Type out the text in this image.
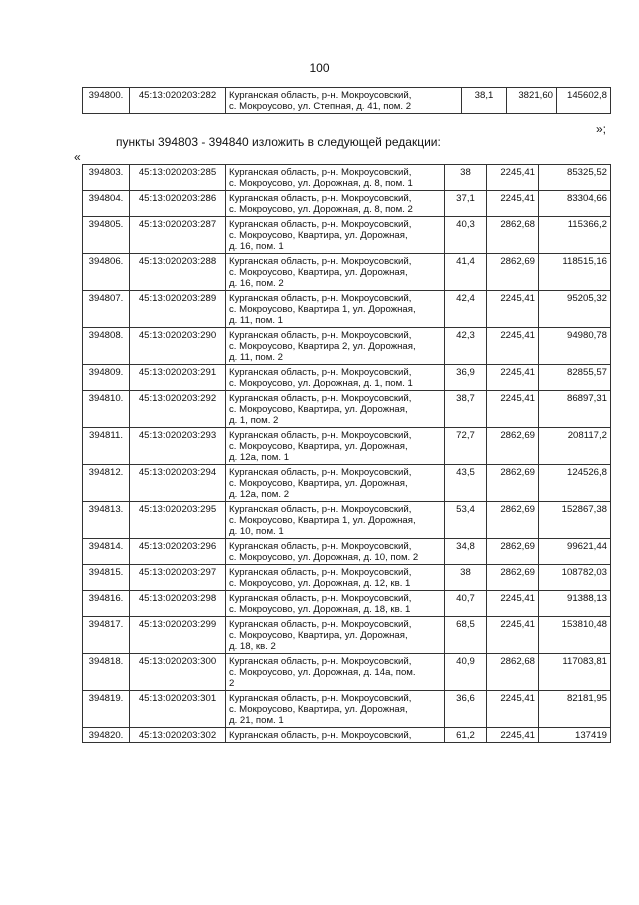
100
394800.	45:13:020203:282	Курганская область, р-н. Мокроусовский,
с. Мокроусово, ул. Степная, д. 41, пом. 2
	38,1	3821,60	145602,8
»;
пункты 394803 - 394840 изложить в следующей редакции:
«
394803.	45:13:020203:285	Курганская область, р-н. Мокроусовский,
с. Мокроусово, ул. Дорожная, д. 8, пом. 1	38	2245,41	85325,52
394804.	45:13:020203:286	Курганская область, р-н. Мокроусовский,
с. Мокроусово, ул. Дорожная, д. 8, пом. 2	37,1	2245,41	83304,66
394805.	45:13:020203:287	Курганская область, р-н. Мокроусовский,
с. Мокроусово, Квартира, ул. Дорожная,
д. 16, пом. 1	40,3	2862,68	115366,2
394806.	45:13:020203:288	Курганская область, р-н. Мокроусовский,
с. Мокроусово, Квартира, ул. Дорожная,
д. 16, пом. 2	41,4	2862,69	118515,16
394807.	45:13:020203:289	Курганская область, р-н. Мокроусовский,
с. Мокроусово, Квартира 1, ул. Дорожная,
д. 11, пом. 1	42,4	2245,41	95205,32
394808.	45:13:020203:290	Курганская область, р-н. Мокроусовский,
с. Мокроусово, Квартира 2, ул. Дорожная,
д. 11, пом. 2	42,3	2245,41	94980,78
394809.	45:13:020203:291	Курганская область, р-н. Мокроусовский,
с. Мокроусово, ул. Дорожная, д. 1, пом. 1	36,9	2245,41	82855,57
394810.	45:13:020203:292	Курганская область, р-н. Мокроусовский,
с. Мокроусово, Квартира, ул. Дорожная,
д. 1, пом. 2	38,7	2245,41	86897,31
394811.	45:13:020203:293	Курганская область, р-н. Мокроусовский,
с. Мокроусово, Квартира, ул. Дорожная,
д. 12а, пом. 1	72,7	2862,69	208117,2
394812.	45:13:020203:294	Курганская область, р-н. Мокроусовский,
с. Мокроусово, Квартира, ул. Дорожная,
д. 12а, пом. 2	43,5	2862,69	124526,8
394813.	45:13:020203:295	Курганская область, р-н. Мокроусовский,
с. Мокроусово, Квартира 1, ул. Дорожная,
д. 10, пом. 1	53,4	2862,69	152867,38
394814.	45:13:020203:296	Курганская область, р-н. Мокроусовский,
с. Мокроусово, ул. Дорожная, д. 10, пом. 2	34,8	2862,69	99621,44
394815.	45:13:020203:297	Курганская область, р-н. Мокроусовский,
с. Мокроусово, ул. Дорожная, д. 12, кв. 1	38	2862,69	108782,03
394816.	45:13:020203:298	Курганская область, р-н. Мокроусовский,
с. Мокроусово, ул. Дорожная, д. 18, кв. 1	40,7	2245,41	91388,13
394817.	45:13:020203:299	Курганская область, р-н. Мокроусовский,
с. Мокроусово, Квартира, ул. Дорожная,
д. 18, кв. 2	68,5	2245,41	153810,48
394818.	45:13:020203:300	Курганская область, р-н. Мокроусовский,
с. Мокроусово, ул. Дорожная, д. 14а, пом.
2	40,9	2862,68	117083,81
394819.	45:13:020203:301	Курганская область, р-н. Мокроусовский,
с. Мокроусово, Квартира, ул. Дорожная,
д. 21, пом. 1	36,6	2245,41	82181,95
394820.	45:13:020203:302	Курганская область, р-н. Мокроусовский,	61,2	2245,41	137419
